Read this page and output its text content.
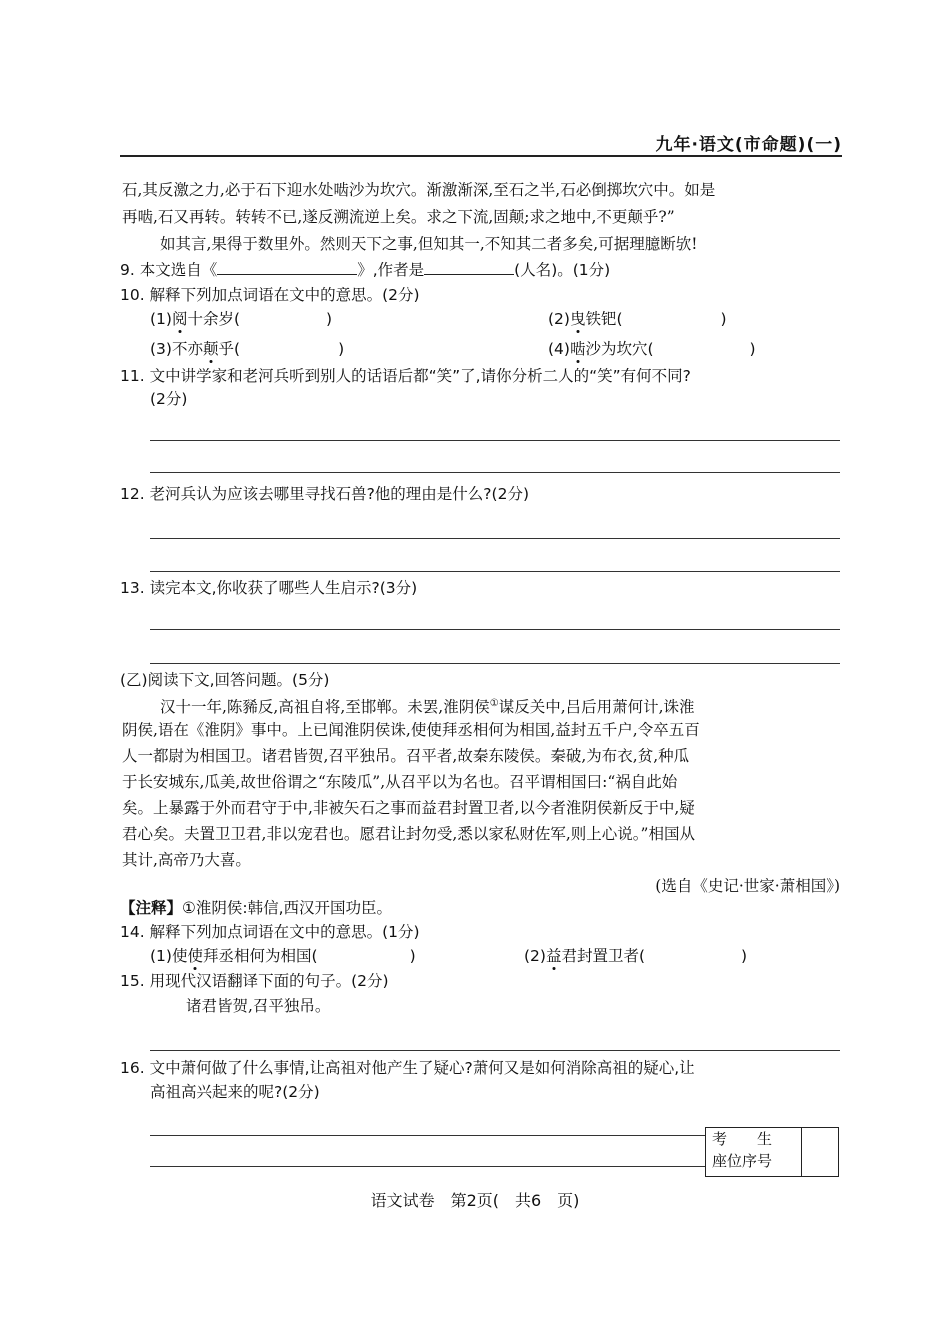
九年·语文(市命题)(一)
石,其反激之力,必于石下迎水处啮沙为坎穴。渐激渐深,至石之半,石必倒掷坎穴中。如是
再啮,石又再转。转转不已,遂反溯流逆上矣。求之下流,固颠;求之地中,不更颠乎?”
如其言,果得于数里外。然则天下之事,但知其一,不知其二者多矣,可据理臆断欤!
9. 本文选自《	》,作者是	(人名)。(1分)
10. 解释下列加点词语在文中的意思。(2分)
(1)阅十余岁(	)	(2)曳铁钯(	)
(3)不亦颠乎(	)	(4)啮沙为坎穴(	)
11. 文中讲学家和老河兵听到别人的话语后都“笑”了,请你分析二人的“笑”有何不同?
(2分)
12. 老河兵认为应该去哪里寻找石兽?他的理由是什么?(2分)
13. 读完本文,你收获了哪些人生启示?(3分)
(乙)阅读下文,回答问题。(5分)
汉十一年,陈豨反,高祖自将,至邯郸。未罢,淮阴侯①谋反关中,吕后用萧何计,诛淮
阴侯,语在《淮阴》事中。上已闻淮阴侯诛,使使拜丞相何为相国,益封五千户,令卒五百
人一都尉为相国卫。诸君皆贺,召平独吊。召平者,故秦东陵侯。秦破,为布衣,贫,种瓜
于长安城东,瓜美,故世俗谓之“东陵瓜”,从召平以为名也。召平谓相国曰:“祸自此始
矣。上暴露于外而君守于中,非被矢石之事而益君封置卫者,以今者淮阴侯新反于中,疑
君心矣。夫置卫卫君,非以宠君也。愿君让封勿受,悉以家私财佐军,则上心说。”相国从
其计,高帝乃大喜。
(选自《史记·世家·萧相国》)
【注释】①淮阴侯:韩信,西汉开国功臣。
14. 解释下列加点词语在文中的意思。(1分)
(1)使使拜丞相何为相国(	)	(2)益君封置卫者(	)
15. 用现代汉语翻译下面的句子。(2分)
诸君皆贺,召平独吊。
16. 文中萧何做了什么事情,让高祖对他产生了疑心?萧何又是如何消除高祖的疑心,让
高祖高兴起来的呢?(2分)
考　　生
座位序号
语文试卷　第2页(　共6　页)
